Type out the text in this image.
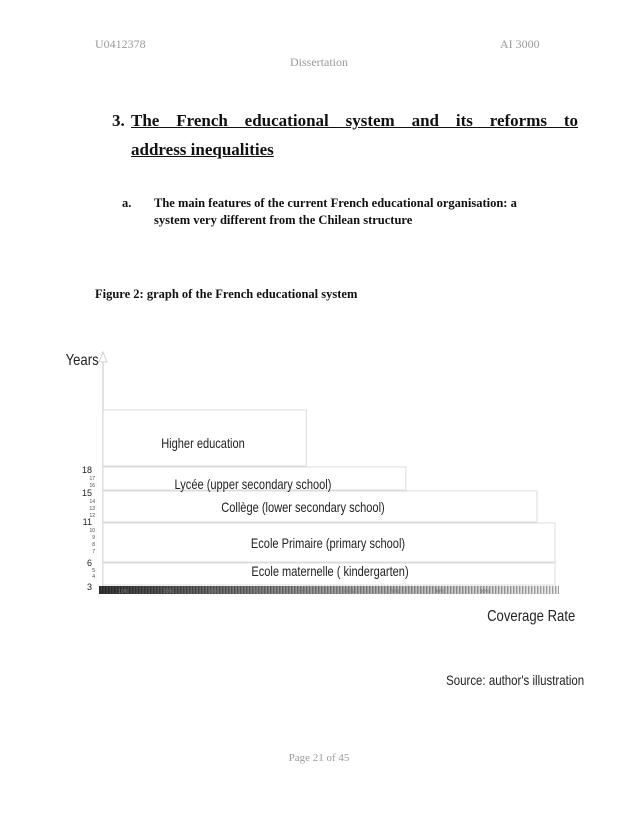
U0412378	AI 3000
Dissertation
3. The French educational system and its reforms to
address inequalities
a. The main features of the current French educational organisation: a system very different from the Chilean structure
Figure 2: graph of the French educational system
Years
Coverage Rate
Source: author's illustration
Ecole maternelle ( kindergarten)
Ecole Primaire (primary school)
Collège (lower secondary school)
Lycée (upper secondary school)
Higher education
10%	20%	30%	40%	50%	60%	70%	80%	90%
18
15
11
6
3
17
16
14
13
12
10
9
8
7
5
4
Page 21 of 45
